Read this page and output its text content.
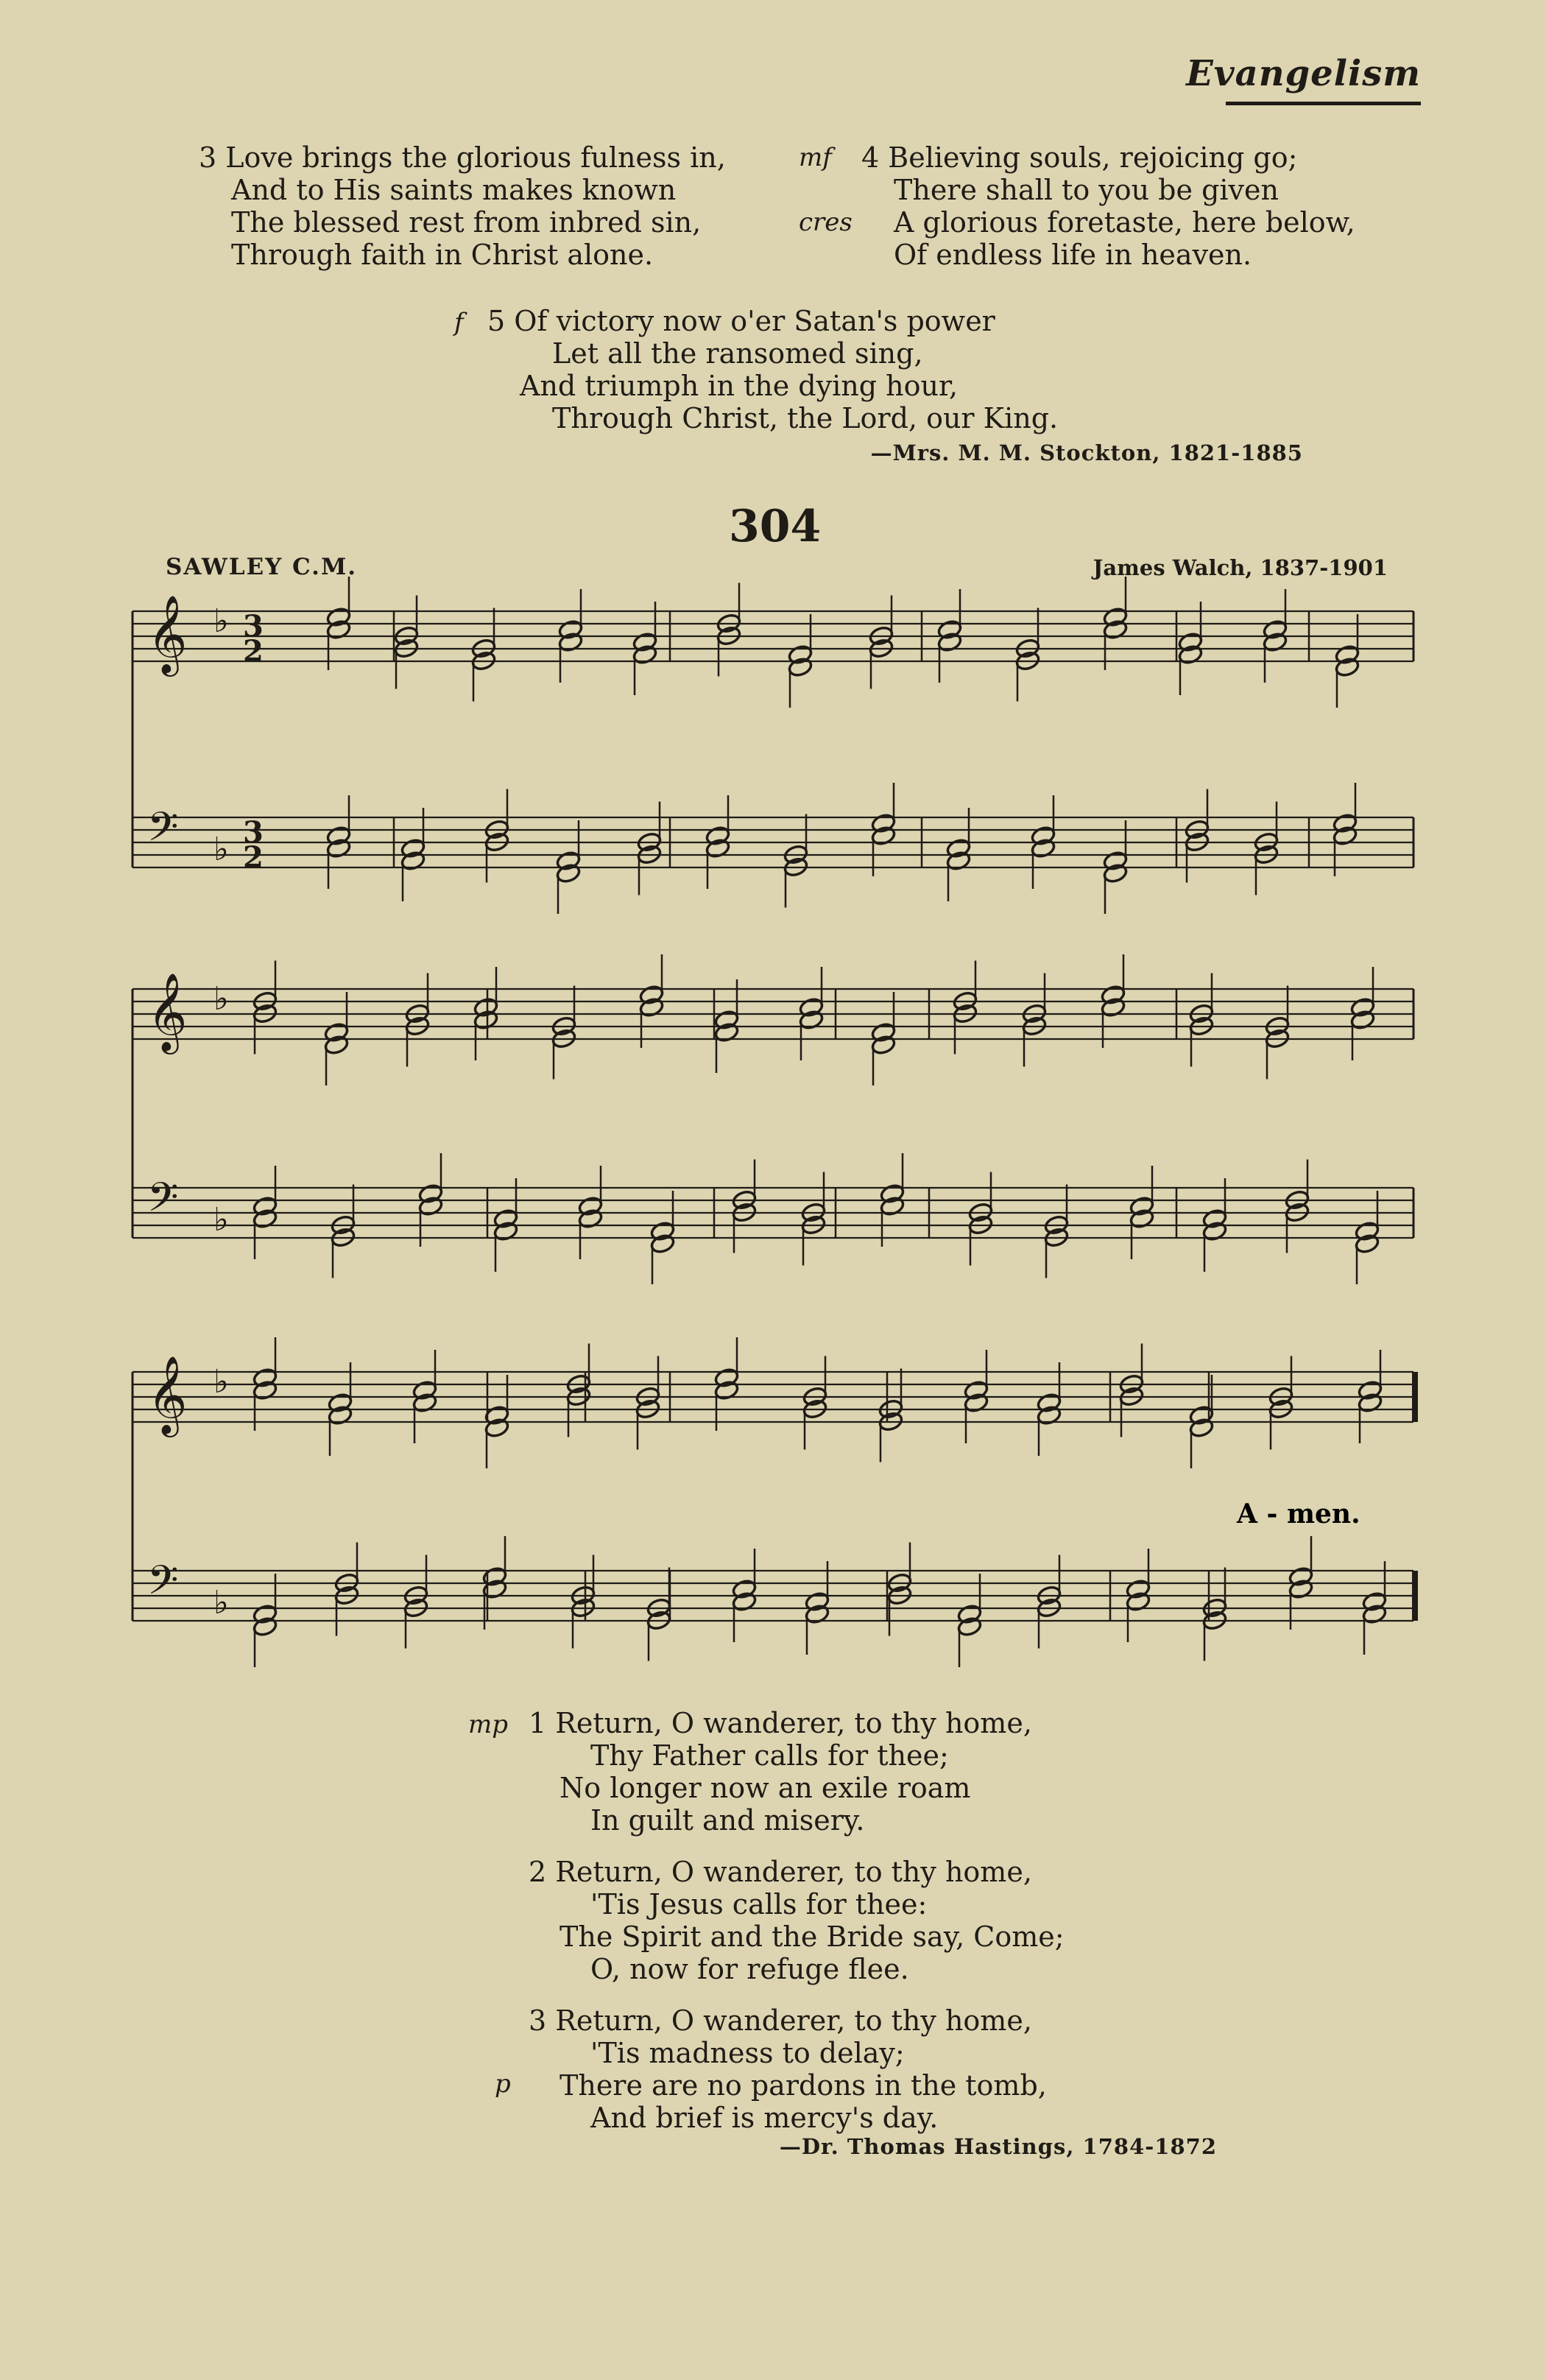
Evangelism
3 Love brings the glorious fulness in,
And to His saints makes known
The blessed rest from inbred sin,
Through faith in Christ alone.
mf
cres
4 Believing souls, rejoicing go;
There shall to you be given
A glorious foretaste, here below,
Of endless life in heaven.
f 5 Of victory now o'er Satan's power
Let all the ransomed sing,
And triumph in the dying hour,
Through Christ, the Lord, our King.
—Mrs. M. M. Stockton, 1821-1885
304
SAWLEY C.M.	James Walch, 1837-1901
𝄞 ♭ 3
2
𝄢 ♭ 3
2
𝄞 ♭
𝄢 ♭
𝄞 ♭
𝄢 ♭
A - men.
mp 1 Return, O wanderer, to thy home,
Thy Father calls for thee;
No longer now an exile roam
In guilt and misery.
2 Return, O wanderer, to thy home,
'Tis Jesus calls for thee:
The Spirit and the Bride say, Come;
O, now for refuge flee.
p
3 Return, O wanderer, to thy home,
'Tis madness to delay;
There are no pardons in the tomb,
And brief is mercy's day.
—Dr. Thomas Hastings, 1784-1872
